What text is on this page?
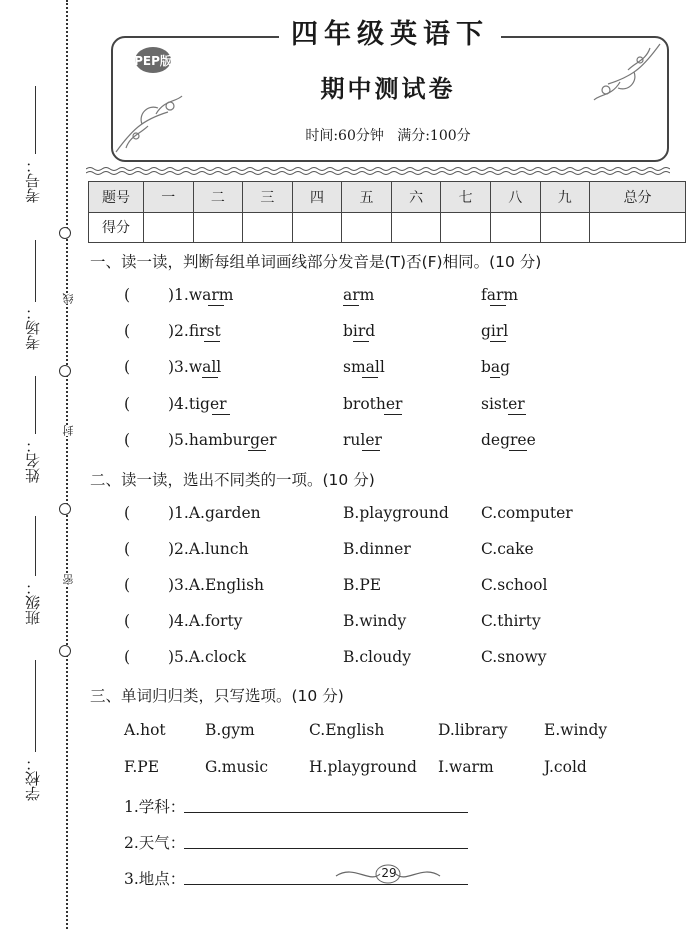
考号：
考场：
姓名：
班级：
学校：
线
封
密
四年级英语下
PEP版
期中测试卷
时间:60分钟 满分:100分
题号	一	二	三	四	五	六	七	八	九	总分
得分										
一、读一读，判断每组单词画线部分发音是(T)否(F)相同。(10 分)
( )1.warm	arm	farm
( )2.first	bird	girl
( )3.wall	small	bag
( )4.tiger	brother	sister
( )5.hamburger	ruler	degree
二、读一读，选出不同类的一项。(10 分)
( )1.A.garden	B.playground C.computer
( )2.A.lunch	B.dinner	C.cake
( )3.A.English	B.PE	C.school
( )4.A.forty	B.windy	C.thirty
( )5.A.clock	B.cloudy	C.snowy
三、单词归归类，只写选项。(10 分)
A.hot	B.gym	C.English	D.library E.windy
F.PE	G.music	H.playground I.warm	J.cold
1.学科：
2.天气：
3.地点：	29
